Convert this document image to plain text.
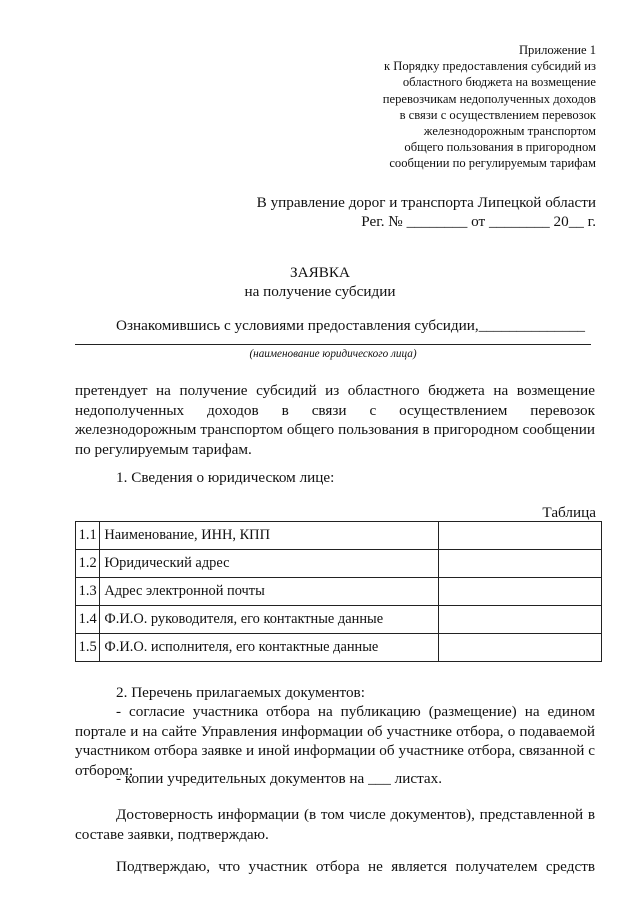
Приложение 1
к Порядку предоставления субсидий из
областного бюджета на возмещение
перевозчикам недополученных доходов
в связи с осуществлением перевозок
железнодорожным транспортом
общего пользования в пригородном
сообщении по регулируемым тарифам
В управление дорог и транспорта Липецкой области
Рег. № ________ от ________ 20__ г.
ЗАЯВКА
на получение субсидии
Ознакомившись с условиями предоставления субсидии,______________
(наименование юридического лица)
претендует на получение субсидий из областного бюджета на возмещение
недополученных доходов в связи с осуществлением перевозок
железнодорожным транспортом общего пользования в пригородном сообщении
по регулируемым тарифам.
1. Сведения о юридическом лице:
Таблица
1.1	Наименование, ИНН, КПП	
1.2	Юридический адрес	
1.3	Адрес электронной почты	
1.4	Ф.И.О. руководителя, его контактные данные	
1.5	Ф.И.О. исполнителя, его контактные данные	
2. Перечень прилагаемых документов:
- согласие участника отбора на публикацию (размещение) на едином
портале и на сайте Управления информации об участнике отбора, о подаваемой
участником отбора заявке и иной информации об участнике отбора, связанной с
отбором;
- копии учредительных документов на ___ листах.
Достоверность информации (в том числе документов), представленной в
составе заявки, подтверждаю.
Подтверждаю, что участник отбора не является получателем средств
